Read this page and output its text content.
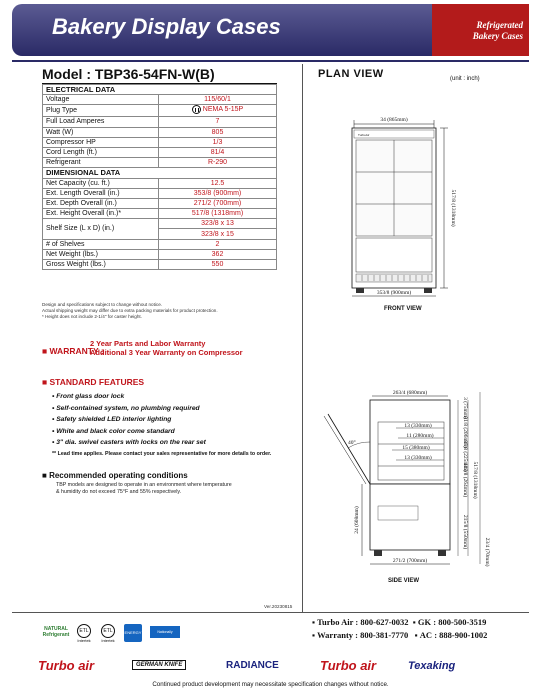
Bakery Display Cases	Refrigerated
Bakery Cases
Model : TBP36-54FN-W(B)
ELECTRICAL DATA	
Voltage	115/60/1
Plug Type	NEMA 5-15P

Full Load Amperes	7
Watt (W)	805
Compressor HP	1/3
Cord Length (ft.)	81/4
Refrigerant	R-290
DIMENSIONAL DATA	
Net Capacity (cu. ft.)	12.5
Ext. Length Overall (in.)	353/8 (900mm)
Ext. Depth Overall (in.)	271/2 (700mm)
Ext. Height Overall (in.)*	517/8 (1318mm)
Shelf Size (L x D) (in.)	323/8 x 13
	323/8 x 15
# of Shelves	2
Net Weight (lbs.)	362
Gross Weight (lbs.)	550
Design and specifications subject to change without notice.
Actual shipping weight may differ due to extra packing materials for product protection.
* Height does not include 2-1/4" for caster height.
■ WARRANTY :
2 Year Parts and Labor Warranty
Additional 3 Year Warranty on Compressor
■ STANDARD FEATURES
• Front glass door lock
• Self-contained system, no plumbing required
• Safety shielded LED interior lighting
• White and black color come standard
• 3" dia. swivel casters with locks on the rear set
** Lead time applies. Please contact your sales representative for more details to order.
■ Recommended operating conditions
TBP models are designed to operate in an environment where temperature
& humidity do not exceed 75°F and 55% respectively.
Ver.20230815
PLAN VIEW	(unit : inch)
34 (865mm)
TurboAir
517/8 (1318mm)
353/8 (900mm)
FRONT VIEW
263/4 (680mm)
13 (330mm)
11 (280mm)
15 (380mm)
13 (330mm)
40°
24 (608mm)
3 (75mm)
81/8 (206mm)
87/8 (225mm)
103/8 (264mm) 517/8 (1318mm)
215/8 (550mm)
23/4 (70mm)
271/2 (700mm)
SIDE VIEW
NATURAL Refrigerant
ETL
Intertek
ETL
Intertek
ENERGY STAR
Nationally Recognized
▪ Turbo Air : 800-627-0032  ▪ GK : 800-500-3519
▪ Warranty : 800-381-7770   ▪ AC : 888-900-1002
Turbo air	GERMAN KNIFE	RADIANCE	Turbo air	Texaking
Continued product development may necessitate specification changes without notice.
